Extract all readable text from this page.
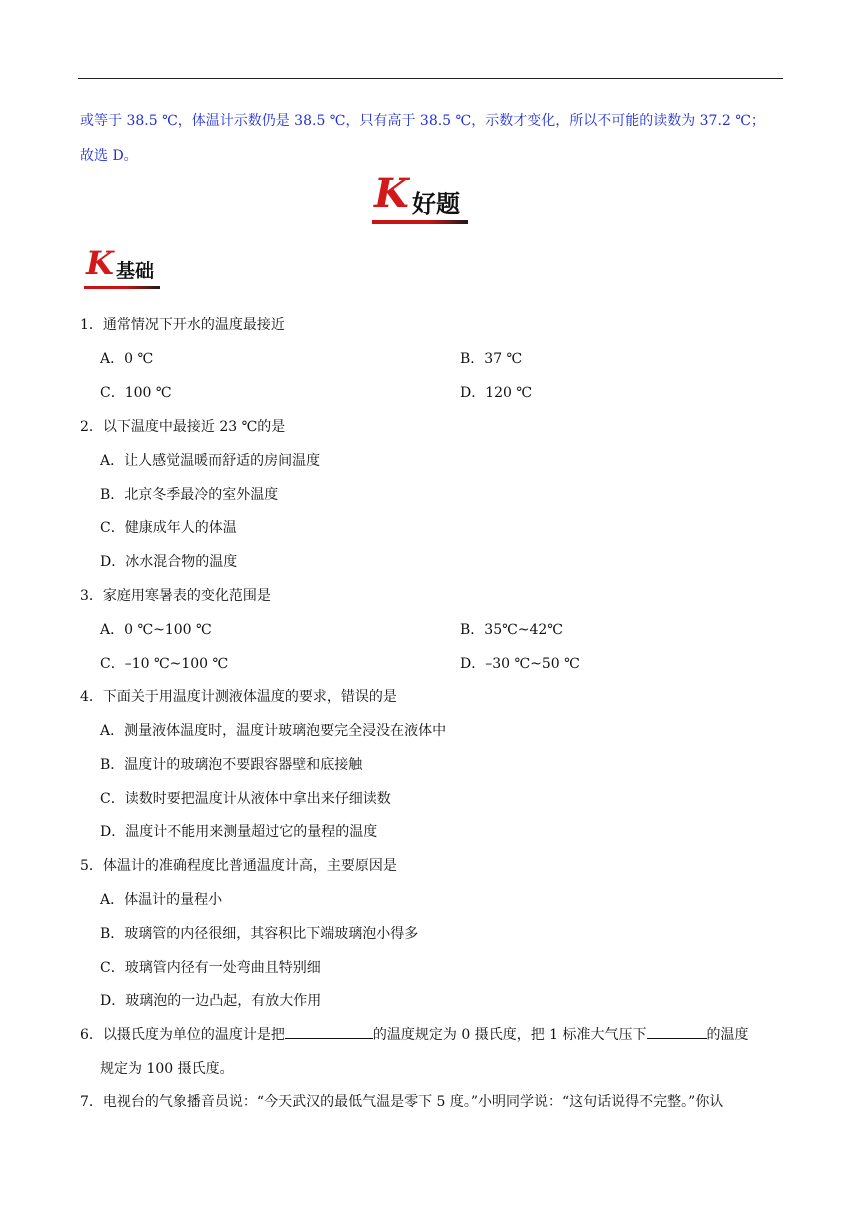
或等于 38.5 ℃，体温计示数仍是 38.5 ℃，只有高于 38.5 ℃，示数才变化，所以不可能的读数为 37.2 ℃；
故选 D。
K 好题
K 基础
1．通常情况下开水的温度最接近
A．0 ℃	B．37 ℃
C．100 ℃	D．120 ℃
2．以下温度中最接近 23 ℃的是
A．让人感觉温暖而舒适的房间温度
B．北京冬季最冷的室外温度
C．健康成年人的体温
D．冰水混合物的温度
3．家庭用寒暑表的变化范围是
A．0 ℃~100 ℃	B．35℃~42℃
C．–10 ℃~100 ℃	D．–30 ℃~50 ℃
4．下面关于用温度计测液体温度的要求，错误的是
A．测量液体温度时，温度计玻璃泡要完全浸没在液体中
B．温度计的玻璃泡不要跟容器壁和底接触
C．读数时要把温度计从液体中拿出来仔细读数
D．温度计不能用来测量超过它的量程的温度
5．体温计的准确程度比普通温度计高，主要原因是
A．体温计的量程小
B．玻璃管的内径很细，其容积比下端玻璃泡小得多
C．玻璃管内径有一处弯曲且特别细
D．玻璃泡的一边凸起，有放大作用
6．以摄氏度为单位的温度计是把	的温度规定为 0 摄氏度，把 1 标准大气压下	的温度
规定为 100 摄氏度。
7．电视台的气象播音员说：“今天武汉的最低气温是零下 5 度。”小明同学说：“这句话说得不完整。”你认
